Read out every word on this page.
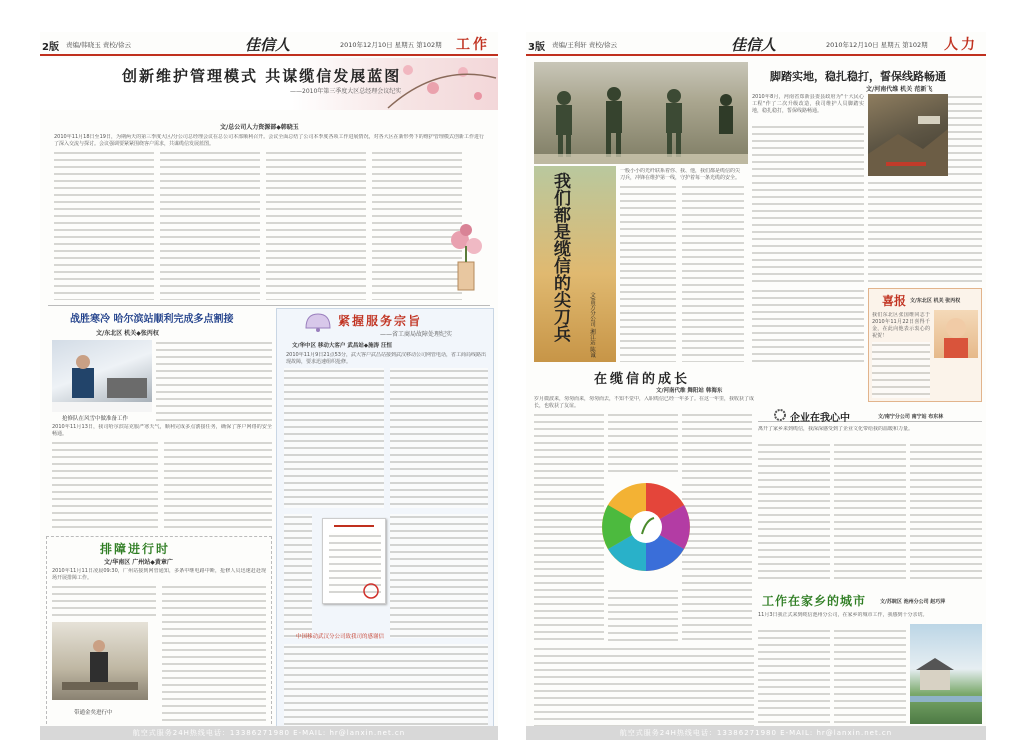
2版 责编/韩晓玉 责校/徐云	佳信人	2010年12月10日 星期五 第102期 工作
创新维护管理模式 共谋缆信发展蓝图
——2010年第三季度大区总经理会议纪实
文/总公司人力资源部◆韩晓玉
2010年11月18日至19日，为期两天的第三季度大区/分公司总经理会议在总公司本部顺利召开。会议全面总结了公司本季度各项工作进展情况，对各大区在新形势下的维护管理模式创新工作进行了深入交流与探讨。会议强调要紧紧围绕客户需求，共谋缆信发展蓝图。
战胜寒冷 哈尔滨站顺利完成多点割接
文/东北区 机关◆张丙权
抢修队在风雪中做准备工作
2010年11月13日，我司哈尔滨站克服严寒天气，顺利完成多点割接任务，确保了客户网络的安全畅通。
紧握服务宗旨
——省工商局故障处理纪实
文/华中区 移动大客户 武昌站◆施涛 汪恒
2010年11月9日21点53分，武大客户武昌站接到武汉移动公司网管电话，省工商局线路出现故障，要求迅速组织抢修。
中国移动武汉分公司致我司的感谢信
排障进行时
文/华南区 广州站◆黄章广
2010年11月11日凌晨09:30，广州站接到网管通知，多条中继电路中断，抢修人员迅速赶赴现场开展排障工作。
带通金矣进行中
航空式服务24H热线电话：13386271980 E-MAIL: hr@lanxin.net.cn
3版 责编/王利轩 责校/徐云	佳信人	2010年12月10日 星期五 第102期 人力
脚踏实地，稳扎稳打，誓保线路畅通
文/河南代维 机关 范新飞
2010年8月，河南省郑新县委县政府为"十大民心工程"作了二次升级改造，我司维护人员脚踏实地，稳扎稳打，誓保线路畅通。
我们都是缆信的尖刀兵	文/南方分公司 湘江站 陈诚
一般小小的光纤联系着你、我、他，我们都是缆信的尖刀兵，冲锋在维护第一线，守护着每一条光缆的安全。
喜报 文/东北区 机关 张丙权
我们东北区张国维同志于2010年11月22日喜得千金，在此向他表示衷心的祝贺！
在缆信的成长
文/河南代维 舞阳站 韩海东
岁月微波来，匆匆而来，匆匆而去，不知不觉中，入职缆信已经一年多了。在这一年里，我收获了成长，也收获了友谊。
企业在我心中	文/南宁分公司 南宁站 布东林
离开了家乡来到缆信，我深深感受到了企业文化带给我的温暖和力量。
工作在家乡的城市	文/苏皖区 池州分公司 赵巧萍
11月3日我正式来到缆信池州分公司，在家乡的城市工作，我感到十分亲切。
航空式服务24H热线电话：13386271980 E-MAIL: hr@lanxin.net.cn
